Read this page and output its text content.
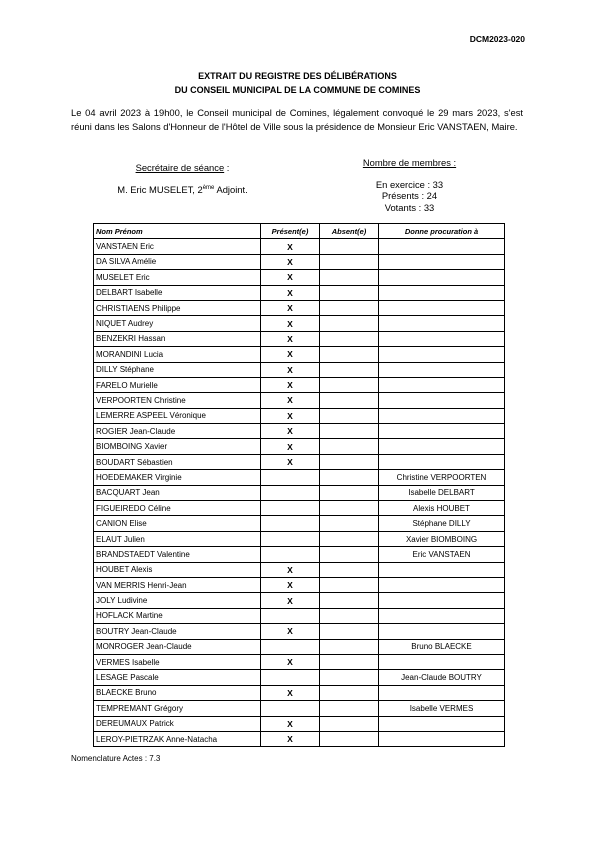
DCM2023-020
EXTRAIT DU REGISTRE DES DÉLIBÉRATIONS
DU CONSEIL MUNICIPAL DE LA COMMUNE DE COMINES
Le 04 avril 2023 à 19h00, le Conseil municipal de Comines, légalement convoqué le 29 mars 2023, s'est réuni dans les Salons d'Honneur de l'Hôtel de Ville sous la présidence de Monsieur Eric VANSTAEN, Maire.
Secrétaire de séance :
M. Eric MUSELET, 2ème Adjoint.
Nombre de membres :
En exercice : 33
Présents : 24
Votants : 33
Nom Prénom	Présent(e)	Absent(e)	Donne procuration à
VANSTAEN Eric	X		
DA SILVA Amélie	X		
MUSELET Eric	X		
DELBART Isabelle	X		
CHRISTIAENS Philippe	X		
NIQUET Audrey	X		
BENZEKRI Hassan	X		
MORANDINI Lucia	X		
DILLY Stéphane	X		
FARELO Murielle	X		
VERPOORTEN Christine	X		
LEMERRE ASPEEL Véronique	X		
ROGIER Jean-Claude	X		
BIOMBOING Xavier	X		
BOUDART Sébastien	X		
HOEDEMAKER Virginie			Christine VERPOORTEN
BACQUART Jean			Isabelle DELBART
FIGUEIREDO Céline			Alexis HOUBET
CANION Elise			Stéphane DILLY
ELAUT Julien			Xavier BIOMBOING
BRANDSTAEDT Valentine			Eric VANSTAEN
HOUBET Alexis	X		
VAN MERRIS Henri-Jean	X		
JOLY Ludivine	X		
HOFLACK Martine			
BOUTRY Jean-Claude	X		
MONROGER Jean-Claude			Bruno BLAECKE
VERMES Isabelle	X		
LESAGE Pascale			Jean-Claude BOUTRY
BLAECKE Bruno	X		
TEMPREMANT Grégory			Isabelle VERMES
DEREUMAUX Patrick	X		
LEROY-PIETRZAK Anne-Natacha	X		
Nomenclature Actes : 7.3
